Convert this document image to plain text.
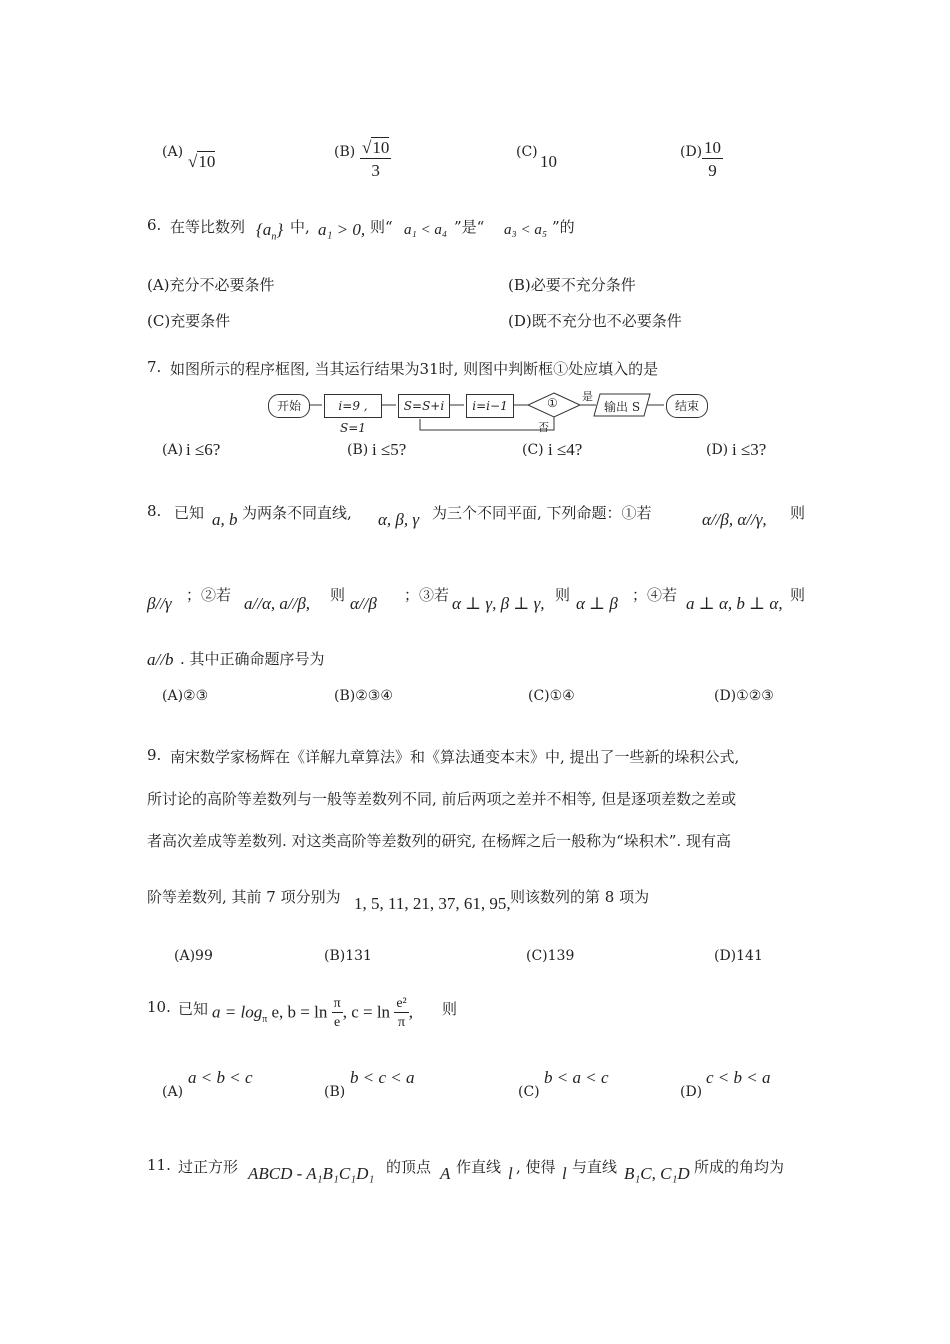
(A) √10	$(B) \frac{√10}{3}$	(C) 10	$(D) \frac{10}{9}$
6. 在等比数列 $\{a_n\}$ 中, a₁ > 0, 则“ a₁ < a₄ ”是“ a₃ < a₅ ”的
(A)充分不必要条件	(B)必要不充分条件
(C)充要条件	(D)既不充分也不必要条件
7. 如图所示的程序框图, 当其运行结果为31时, 则图中判断框①处应填入的是
开始	i=9 , S=1
S=S+i	i=i−1	① 是
否
输出 S	结束
(A) i ≤6?	(B) i ≤5?	(C) i ≤4?	(D) i ≤3?
8. 已知 a, b 为两条不同直线, α, β, γ 为三个不同平面, 下列命题：①若	α//β, α//γ, 则
β//γ ；②若 a//α, a//β, 则 α//β ；③若 α ⊥ γ, β ⊥ γ, 则 α ⊥ β ；④若 a ⊥ α, b ⊥ α, 则
a//b . 其中正确命题序号为
(A)②③	(B)②③④	(C)①④	(D)①②③
9. 南宋数学家杨辉在《详解九章算法》和《算法通变本末》中, 提出了一些新的垛积公式,
所讨论的高阶等差数列与一般等差数列不同, 前后两项之差并不相等, 但是逐项差数之差或
者高次差成等差数列. 对这类高阶等差数列的研究, 在杨辉之后一般称为“垛积术”. 现有高
阶等差数列, 其前 7 项分别为 1, 5, 11, 21, 37, 61, 95, 则该数列的第 8 项为
(A)99	(B)131	(C)139	(D)141
10. 已知 $a = \log_\pi e$, $b = \ln \frac{\pi}{e}$ , $c = \ln \frac{\text{e²}}{\pi}$ , 则
(A)
a < b < c
(B)
b < c < a
(C)
b < a < c
(D)
c < b < a
11. 过正方形 ABCD - A₁B₁C₁D₁ 的顶点 A 作直线 l , 使得 l 与直线 B₁C, C₁D 所成的角均为
